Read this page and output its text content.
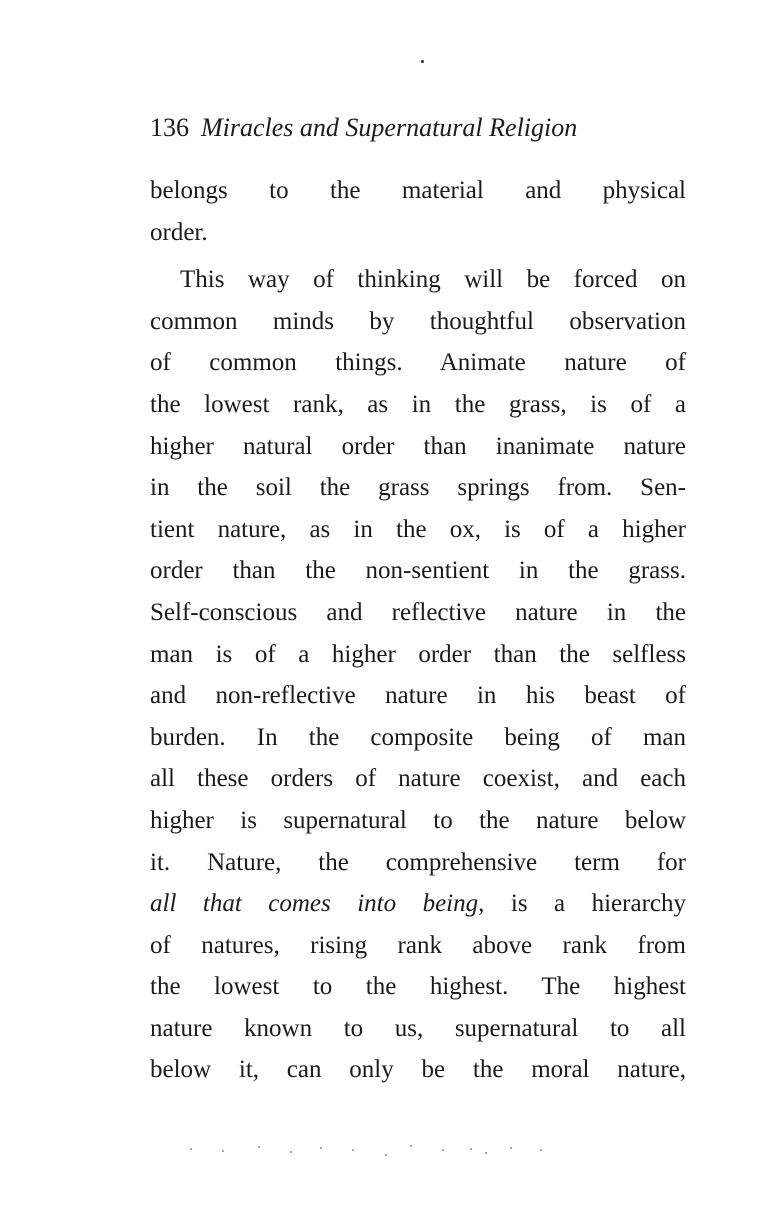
136 Miracles and Supernatural Religion
belongs to the material and physical
order.
This way of thinking will be forced on
common minds by thoughtful observation
of common things. Animate nature of
the lowest rank, as in the grass, is of a
higher natural order than inanimate nature
in the soil the grass springs from. Sen-
tient nature, as in the ox, is of a higher
order than the non-sentient in the grass.
Self-conscious and reflective nature in the
man is of a higher order than the selfless
and non-reflective nature in his beast of
burden. In the composite being of man
all these orders of nature coexist, and each
higher is supernatural to the nature below
it. Nature, the comprehensive term for
all that comes into being, is a hierarchy
of natures, rising rank above rank from
the lowest to the highest. The highest
nature known to us, supernatural to all
below it, can only be the moral nature,
